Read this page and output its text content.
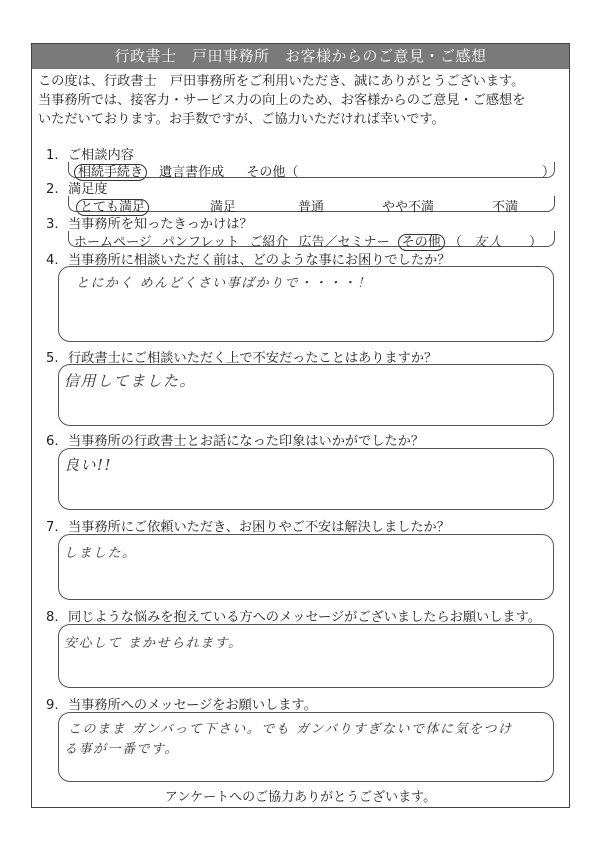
行政書士　戸田事務所　お客様からのご意見・ご感想
この度は、行政書士　戸田事務所をご利用いただき、誠にありがとうございます。
当事務所では、接客力・サービス力の向上のため、お客様からのご意見・ご感想を
いただいております。お手数ですが、ご協力いただければ幸いです。
1. ご相談内容
相続手続き 遺言書作成 その他（	）
2. 満足度
とても満足	満足	普通	やや不満	不満
3. 当事務所を知ったきっかけは？
ホームページ パンフレット ご紹介 広告／セミナー その他 （ 友人 ）
4. 当事務所に相談いただく前は、どのような事にお困りでしたか？
とにかく めんどくさい事ばかりで・・・・！
5. 行政書士にご相談いただく上で不安だったことはありますか？
信用してました。
6. 当事務所の行政書士とお話になった印象はいかがでしたか？
良い!!
7. 当事務所にご依頼いただき、お困りやご不安は解決しましたか？
しました。
8. 同じような悩みを抱えている方へのメッセージがございましたらお願いします。
安心して まかせられます。
9. 当事務所へのメッセージをお願いします。
このまま ガンバって下さい。でも ガンバりすぎないで体に気をつけ
る事が一番です。
アンケートへのご協力ありがとうございます。
